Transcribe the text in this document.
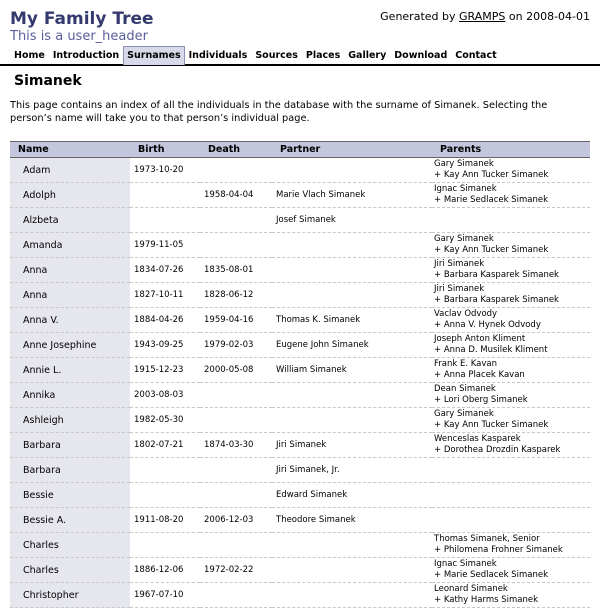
My Family Tree
This is a user_header
Generated by GRAMPS on 2008-04-01
Home Introduction Surnames Individuals Sources Places Gallery Download Contact
Simanek
This page contains an index of all the individuals in the database with the surname of Simanek. Selecting the person’s name will take you to that person’s individual page.
Name	Birth	Death	Partner	Parents
Adam	1973-10-20			Gary Simanek
+ Kay Ann Tucker Simanek

Adolph		1958-04-04	Marie Vlach Simanek	Ignac Simanek
+ Marie Sedlacek Simanek

Alzbeta			Josef Simanek	
Amanda	1979-11-05			Gary Simanek
+ Kay Ann Tucker Simanek

Anna	1834-07-26	1835-08-01		Jiri Simanek
+ Barbara Kasparek Simanek

Anna	1827-10-11	1828-06-12		Jiri Simanek
+ Barbara Kasparek Simanek

Anna V.	1884-04-26	1959-04-16	Thomas K. Simanek	Vaclav Odvody
+ Anna V. Hynek Odvody

Anne Josephine	1943-09-25	1979-02-03	Eugene John Simanek	Joseph Anton Kliment
+ Anna D. Musilek Kliment

Annie L.	1915-12-23	2000-05-08	William Simanek	Frank E. Kavan
+ Anna Placek Kavan

Annika	2003-08-03			Dean Simanek
+ Lori Oberg Simanek

Ashleigh	1982-05-30			Gary Simanek
+ Kay Ann Tucker Simanek

Barbara	1802-07-21	1874-03-30	Jiri Simanek	Wenceslas Kasparek
+ Dorothea Drozdin Kasparek

Barbara			Jiri Simanek, Jr.	
Bessie			Edward Simanek	
Bessie A.	1911-08-20	2006-12-03	Theodore Simanek	
Charles				Thomas Simanek, Senior
+ Philomena Frohner Simanek

Charles	1886-12-06	1972-02-22		Ignac Simanek
+ Marie Sedlacek Simanek

Christopher	1967-07-10			Leonard Simanek
+ Kathy Harms Simanek
